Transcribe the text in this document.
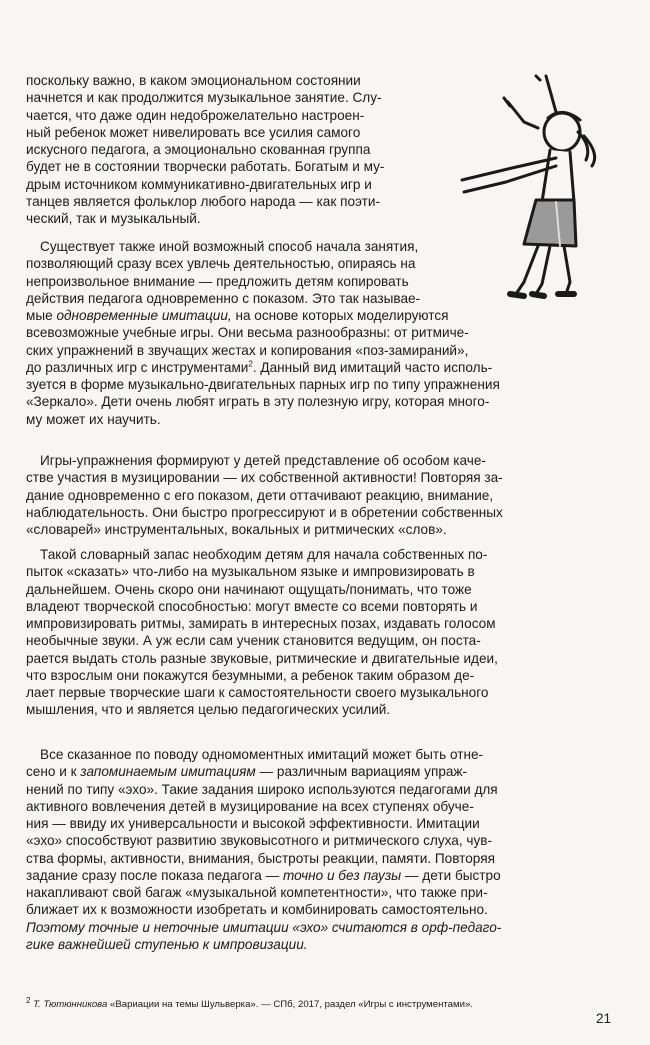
поскольку важно, в каком эмоциональном состоянии
начнется и как продолжится музыкальное занятие. Слу-
чается, что даже один недоброжелательно настроен-
ный ребенок может нивелировать все усилия самого
искусного педагога, а эмоционально скованная группа
будет не в состоянии творчески работать. Богатым и му-
дрым источником коммуникативно-двигательных игр и
танцев является фольклор любого народа — как поэти-
ческий, так и музыкальный.

Существует также иной возможный способ начала занятия,
позволяющий сразу всех увлечь деятельностью, опираясь на
непроизвольное внимание — предложить детям копировать
действия педагога одновременно с показом. Это так называе-
мые одновременные имитации, на основе которых моделируются
всевозможные учебные игры. Они весьма разнообразны: от ритмиче-
ских упражнений в звучащих жестах и копирования «поз-замираний»,
до различных игр с инструментами$^2$. Данный вид имитаций часто исполь-
зуется в форме музыкально-двигательных парных игр по типу упражнения
«Зеркало». Дети очень любят играть в эту полезную игру, которая много-
му может их научить.

Игры-упражнения формируют у детей представление об особом каче-
стве участия в музицировании — их собственной активности! Повторяя за-
дание одновременно с его показом, дети оттачивают реакцию, внимание,
наблюдательность. Они быстро прогрессируют и в обретении собственных
«словарей» инструментальных, вокальных и ритмических «слов».

Такой словарный запас необходим детям для начала собственных по-
пыток «сказать» что-либо на музыкальном языке и импровизировать в
дальнейшем. Очень скоро они начинают ощущать/понимать, что тоже
владеют творческой способностью: могут вместе со всеми повторять и
импровизировать ритмы, замирать в интересных позах, издавать голосом
необычные звуки. А уж если сам ученик становится ведущим, он поста-
рается выдать столь разные звуковые, ритмические и двигательные идеи,
что взрослым они покажутся безумными, а ребенок таким образом де-
лает первые творческие шаги к самостоятельности своего музыкального
мышления, что и является целью педагогических усилий.

Все сказанное по поводу одномоментных имитаций может быть отне-
сено и к запоминаемым имитациям — различным вариациям упраж-
нений по типу «эхо». Такие задания широко используются педагогами для
активного вовлечения детей в музицирование на всех ступенях обуче-
ния — ввиду их универсальности и высокой эффективности. Имитации
«эхо» способствуют развитию звуковысотного и ритмического слуха, чув-
ства формы, активности, внимания, быстроты реакции, памяти. Повторяя
задание сразу после показа педагога — точно и без паузы — дети быстро
накапливают свой багаж «музыкальной компетентности», что также при-
ближает их к возможности изобретать и комбинировать самостоятельно.
Поэтому точные и неточные имитации «эхо» считаются в орф-педаго-
гике важнейшей ступенью к импровизации.

$^2$ Т. Тютюнникова «Вариации на темы Шульверка». — СПб, 2017, раздел «Игры с инструментами».
21
